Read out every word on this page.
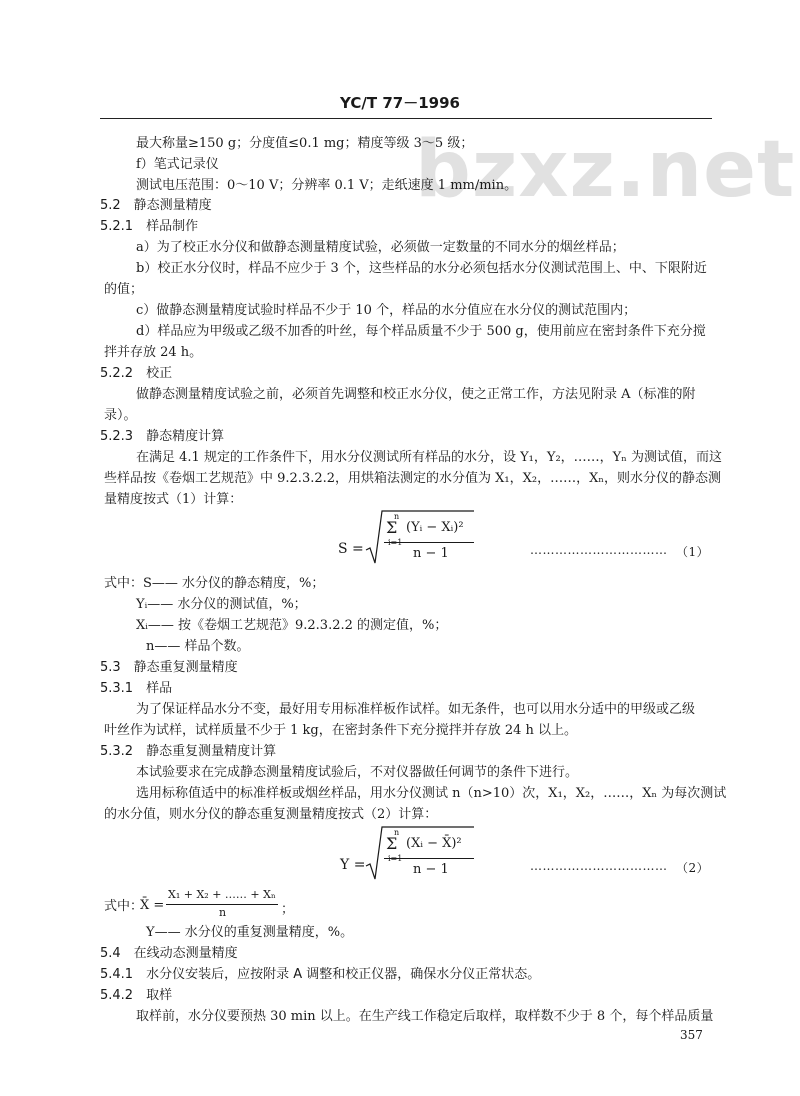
bzxz.net
YC/T 77－1996
最大称量≥150 g；分度值≤0.1 mg；精度等级 3～5 级；
f）笔式记录仪
测试电压范围：0～10 V；分辨率 0.1 V；走纸速度 1 mm/min。
5.2　静态测量精度
5.2.1　样品制作
a）为了校正水分仪和做静态测量精度试验，必须做一定数量的不同水分的烟丝样品；
b）校正水分仪时，样品不应少于 3 个，这些样品的水分必须包括水分仪测试范围上、中、下限附近
的值；
c）做静态测量精度试验时样品不少于 10 个，样品的水分值应在水分仪的测试范围内；
d）样品应为甲级或乙级不加香的叶丝，每个样品质量不少于 500 g，使用前应在密封条件下充分搅
拌并存放 24 h。
5.2.2　校正
做静态测量精度试验之前，必须首先调整和校正水分仪，使之正常工作，方法见附录 A（标准的附
录）。
5.2.3　静态精度计算
在满足 4.1 规定的工作条件下，用水分仪测试所有样品的水分，设 Y₁，Y₂，……，Yₙ 为测试值，而这
些样品按《卷烟工艺规范》中 9.2.3.2.2，用烘箱法测定的水分值为 X₁，X₂，……，Xₙ，则水分仪的静态测
量精度按式（1）计算：
S =
n
Σ
i=1
(Yᵢ − Xᵢ)²
n − 1	…………………………… （1）
式中：S—— 水分仪的静态精度，%；
Yᵢ—— 水分仪的测试值，%；
Xᵢ—— 按《卷烟工艺规范》9.2.3.2.2 的测定值，%；
n—— 样品个数。
5.3　静态重复测量精度
5.3.1　样品
为了保证样品水分不变，最好用专用标准样板作试样。如无条件，也可以用水分适中的甲级或乙级
叶丝作为试样，试样质量不少于 1 kg，在密封条件下充分搅拌并存放 24 h 以上。
5.3.2　静态重复测量精度计算
本试验要求在完成静态测量精度试验后，不对仪器做任何调节的条件下进行。
选用标称值适中的标准样板或烟丝样品，用水分仪测试 n（n>10）次，X₁，X₂，……，Xₙ 为每次测试
的水分值，则水分仪的静态重复测量精度按式（2）计算：
Y =
n
Σ
i=1
(Xᵢ − X̄)²
n − 1	…………………………… （2）
式中：
X̄ =
X₁ + X₂ + …… + Xₙ
n	；
Y—— 水分仪的重复测量精度，%。
5.4　在线动态测量精度
5.4.1　水分仪安装后，应按附录 A 调整和校正仪器，确保水分仪正常状态。
5.4.2　取样
取样前，水分仪要预热 30 min 以上。在生产线工作稳定后取样，取样数不少于 8 个，每个样品质量
357
